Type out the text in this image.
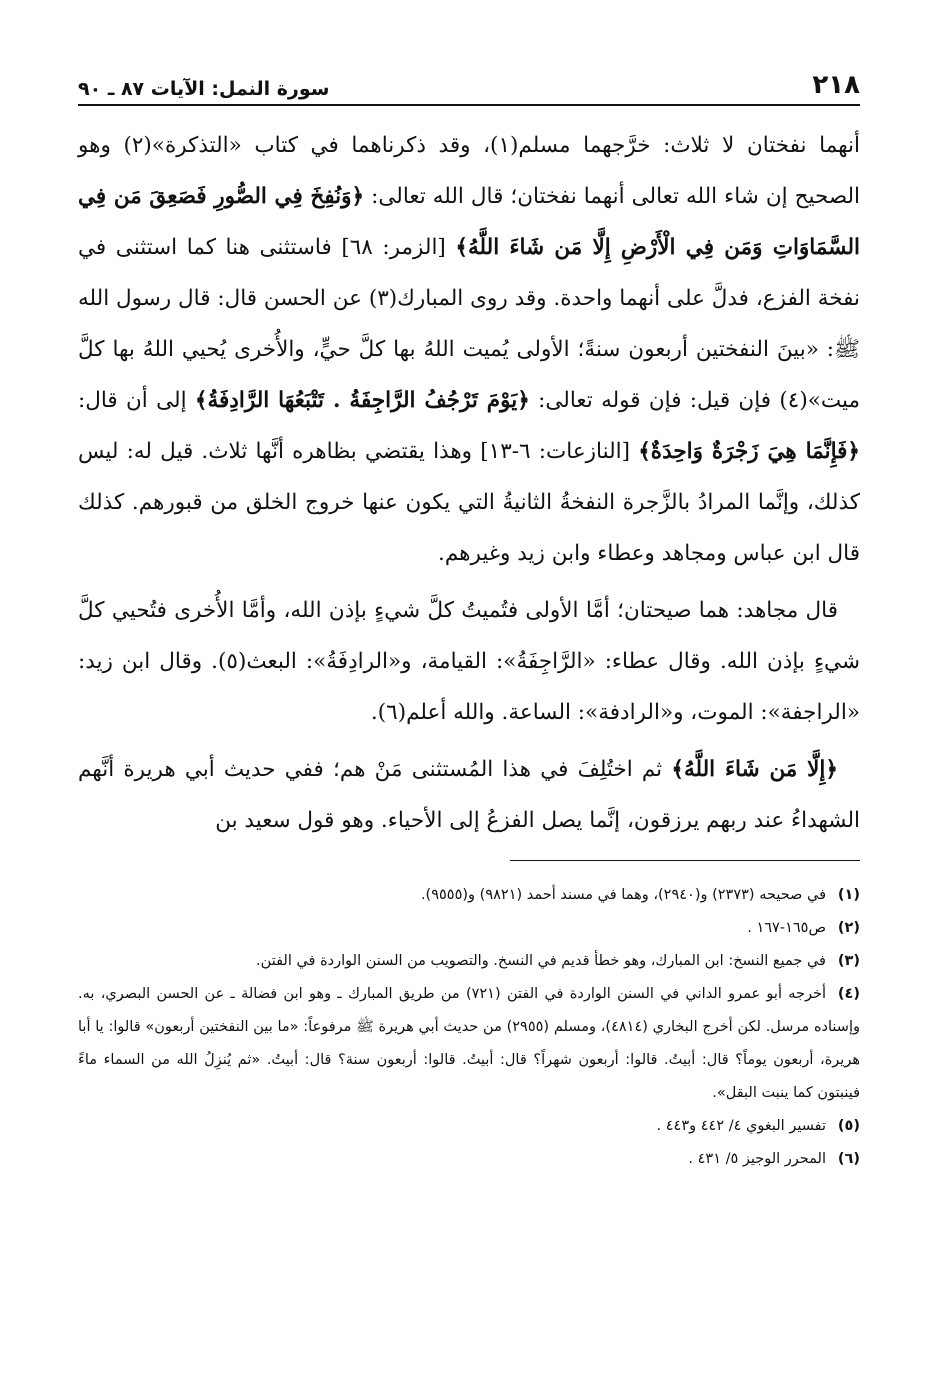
٢١٨
سورة النمل: الآيات ٨٧ ـ ٩٠

أنهما نفختان لا ثلاث: خرَّجهما مسلم(١)، وقد ذكرناهما في كتاب «التذكرة»(٢) وهو الصحيح إن شاء الله تعالى أنهما نفختان؛ قال الله تعالى: ﴿وَنُفِخَ فِي الصُّورِ فَصَعِقَ مَن فِي السَّمَاوَاتِ وَمَن فِي الْأَرْضِ إِلَّا مَن شَاءَ اللَّهُ﴾ [الزمر: ٦٨] فاستثنى هنا كما استثنى في نفخة الفزع، فدلَّ على أنهما واحدة. وقد روى المبارك(٣) عن الحسن قال: قال رسول الله ﷺ: «بينَ النفختين أربعون سنةً؛ الأولى يُميت اللهُ بها كلَّ حيٍّ، والأُخرى يُحيي اللهُ بها كلَّ ميت»(٤) فإن قيل: فإن قوله تعالى: ﴿يَوْمَ تَرْجُفُ الرَّاجِفَةُ . تَتْبَعُهَا الرَّادِفَةُ﴾ إلى أن قال: ﴿فَإِنَّمَا هِيَ زَجْرَةٌ وَاحِدَةٌ﴾ [النازعات: ٦-١٣] وهذا يقتضي بظاهره أنَّها ثلاث. قيل له: ليس كذلك، وإنَّما المرادُ بالزَّجرة النفخةُ الثانيةُ التي يكون عنها خروج الخلق من قبورهم. كذلك قال ابن عباس ومجاهد وعطاء وابن زيد وغيرهم.

قال مجاهد: هما صيحتان؛ أمَّا الأولى فتُميتُ كلَّ شيءٍ بإذن الله، وأمَّا الأُخرى فتُحيي كلَّ شيءٍ بإذن الله. وقال عطاء: «الرَّاجِفَةُ»: القيامة، و«الرادِفَةُ»: البعث(٥). وقال ابن زيد: «الراجفة»: الموت، و«الرادفة»: الساعة. والله أعلم(٦).

﴿إِلَّا مَن شَاءَ اللَّهُ﴾ ثم اختُلِفَ في هذا المُستثنى مَنْ هم؛ ففي حديث أبي هريرة أنَّهم الشهداءُ عند ربهم يرزقون، إنَّما يصل الفزعُ إلى الأحياء. وهو قول سعيد بن

(١)في صحيحه (٢٣٧٣) و(٢٩٤٠)، وهما في مسند أحمد (٩٨٢١) و(٩٥٥٥).

(٢)ص١٦٥-١٦٧ .

(٣)في جميع النسخ: ابن المبارك، وهو خطأ قديم في النسخ. والتصويب من السنن الواردة في الفتن.

(٤)أخرجه أبو عمرو الداني في السنن الواردة في الفتن (٧٢١) من طريق المبارك ـ وهو ابن فضالة ـ عن الحسن البصري، به. وإسناده مرسل. لكن أخرج البخاري (٤٨١٤)، ومسلم (٢٩٥٥) من حديث أبي هريرة ﷺ مرفوعاً: «ما بين النفختين أربعون» قالوا: يا أبا هريرة، أربعون يوماً؟ قال: أبيتُ. قالوا: أربعون شهراً؟ قال: أبيتُ. قالوا: أربعون سنة؟ قال: أبيتُ. «ثم يُنزِلُ الله من السماء ماءً فينبتون كما ينبت البقل».

(٥)تفسير البغوي ٤/ ٤٤٢ و٤٤٣ .

(٦)المحرر الوجيز ٥/ ٤٣١ .
